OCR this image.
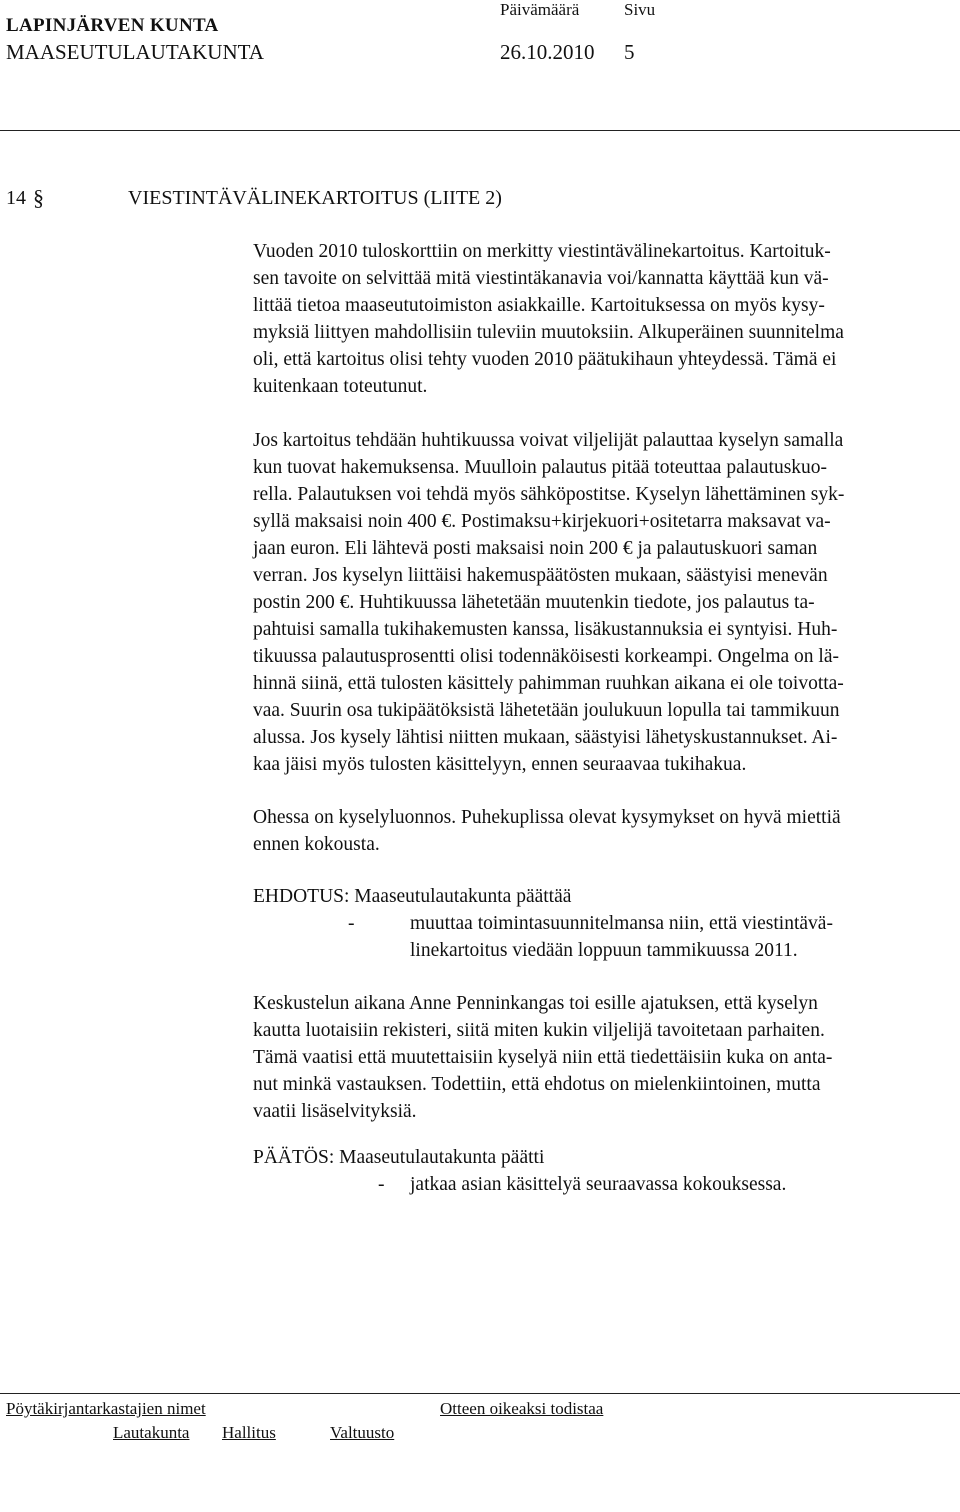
LAPINJÄRVEN KUNTA
MAASEUTULAUTAKUNTA
Päivämäärä	Sivu
26.10.2010 5
14 §	VIESTINTÄVÄLINEKARTOITUS (LIITE 2)
Vuoden 2010 tuloskorttiin on merkitty viestintävälinekartoitus. Kartoituk-
sen tavoite on selvittää mitä viestintäkanavia voi/kannatta käyttää kun vä-
littää tietoa maaseututoimiston asiakkaille. Kartoituksessa on myös kysy-
myksiä liittyen mahdollisiin tuleviin muutoksiin. Alkuperäinen suunnitelma
oli, että kartoitus olisi tehty vuoden 2010 päätukihaun yhteydessä. Tämä ei
kuitenkaan toteutunut.
Jos kartoitus tehdään huhtikuussa voivat viljelijät palauttaa kyselyn samalla
kun tuovat hakemuksensa. Muulloin palautus pitää toteuttaa palautuskuo-
rella. Palautuksen voi tehdä myös sähköpostitse. Kyselyn lähettäminen syk-
syllä maksaisi noin 400 €. Postimaksu+kirjekuori+ositetarra maksavat va-
jaan euron. Eli lähtevä posti maksaisi noin 200 € ja palautuskuori saman
verran. Jos kyselyn liittäisi hakemuspäätösten mukaan, säästyisi menevän
postin 200 €. Huhtikuussa lähetetään muutenkin tiedote, jos palautus ta-
pahtuisi samalla tukihakemusten kanssa, lisäkustannuksia ei syntyisi. Huh-
tikuussa palautusprosentti olisi todennäköisesti korkeampi. Ongelma on lä-
hinnä siinä, että tulosten käsittely pahimman ruuhkan aikana ei ole toivotta-
vaa. Suurin osa tukipäätöksistä lähetetään joulukuun lopulla tai tammikuun
alussa. Jos kysely lähtisi niitten mukaan, säästyisi lähetyskustannukset. Ai-
kaa jäisi myös tulosten käsittelyyn, ennen seuraavaa tukihakua.
Ohessa on kyselyluonnos. Puhekuplissa olevat kysymykset on hyvä miettiä
ennen kokousta.
EHDOTUS: Maaseutulautakunta päättää
-	muuttaa toimintasuunnitelmansa niin, että viestintävä-
linekartoitus viedään loppuun tammikuussa 2011.
Keskustelun aikana Anne Penninkangas toi esille ajatuksen, että kyselyn
kautta luotaisiin rekisteri, siitä miten kukin viljelijä tavoitetaan parhaiten.
Tämä vaatisi että muutettaisiin kyselyä niin että tiedettäisiin kuka on anta-
nut minkä vastauksen. Todettiin, että ehdotus on mielenkiintoinen, mutta
vaatii lisäselvityksiä.
PÄÄTÖS: Maaseutulautakunta päätti
- jatkaa asian käsittelyä seuraavassa kokouksessa.
Pöytäkirjantarkastajien nimet	Otteen oikeaksi todistaa
Lautakunta Hallitus	Valtuusto
